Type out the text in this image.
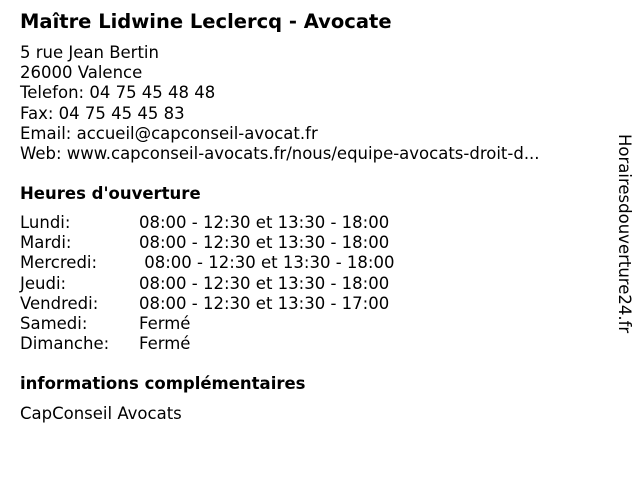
Maître Lidwine Leclercq - Avocate
5 rue Jean Bertin
26000 Valence
Telefon: 04 75 45 48 48
Fax: 04 75 45 45 83
Email: accueil@capconseil-avocat.fr
Web: www.capconseil-avocats.fr/nous/equipe-avocats-droit-d...
Heures d'ouverture
Lundi:	08:00 - 12:30 et 13:30 - 18:00
Mardi:	08:00 - 12:30 et 13:30 - 18:00
Mercredi:	08:00 - 12:30 et 13:30 - 18:00
Jeudi:	08:00 - 12:30 et 13:30 - 18:00
Vendredi: 08:00 - 12:30 et 13:30 - 17:00
Samedi:	Fermé
Dimanche: Fermé
informations complémentaires
CapConseil Avocats
Horairesdouverture24.fr
